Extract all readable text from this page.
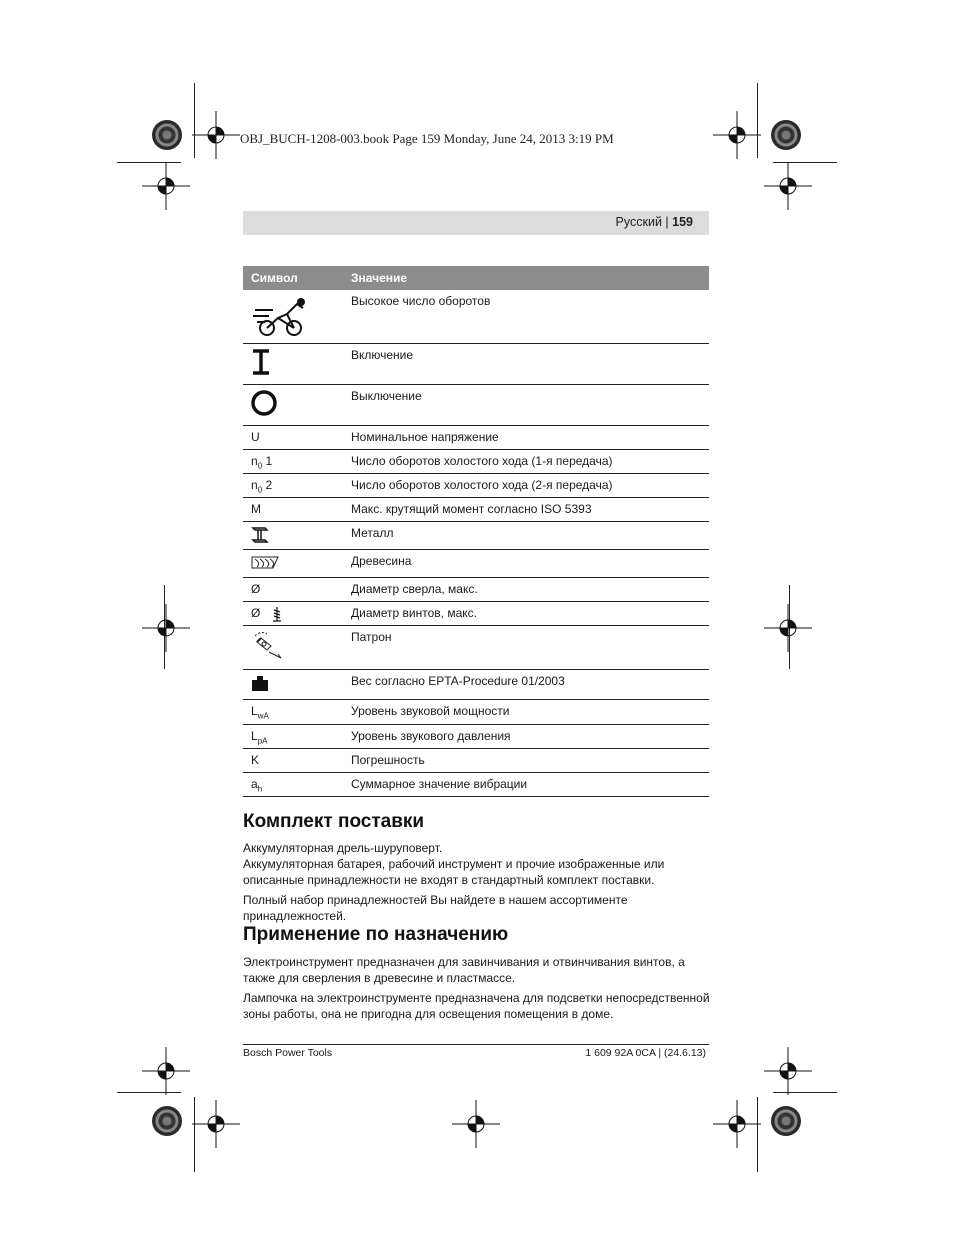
OBJ_BUCH-1208-003.book Page 159 Monday, June 24, 2013 3:19 PM
Русский | 159
Символ	Значение

	Высокое число оборотов

	Включение

	Выключение
U	Номинальное напряжение
$n_0$ 1	Число оборотов холостого хода (1-я передача)
$n_0$ 2	Число оборотов холостого хода (2-я передача)
M	Макс. крутящий момент согласно ISO 5393

	Металл

	Древесина
Ø	Диаметр сверла, макс.
Ø	Диаметр винтов, макс.

	Патрон

	Вес согласно EPTA-Procedure 01/2003
$L_{wA}$	Уровень звуковой мощности
$L_{pA}$	Уровень звукового давления
K	Погрешность
$a_h$	Суммарное значение вибрации
Комплект поставки

Аккумуляторная дрель-шуруповерт.

Аккумуляторная батарея, рабочий инструмент и прочие изображенные или описанные принадлежности не входят в стандартный комплект поставки.

Полный набор принадлежностей Вы найдете в нашем ассортименте принадлежностей.

Применение по назначению

Электроинструмент предназначен для завинчивания и отвинчивания винтов, а также для сверления в древесине и пластмассе.

Лампочка на электроинструменте предназначена для подсветки непосредственной зоны работы, она не пригодна для освещения помещения в доме.

Bosch Power Tools	1 609 92A 0CA | (24.6.13)
